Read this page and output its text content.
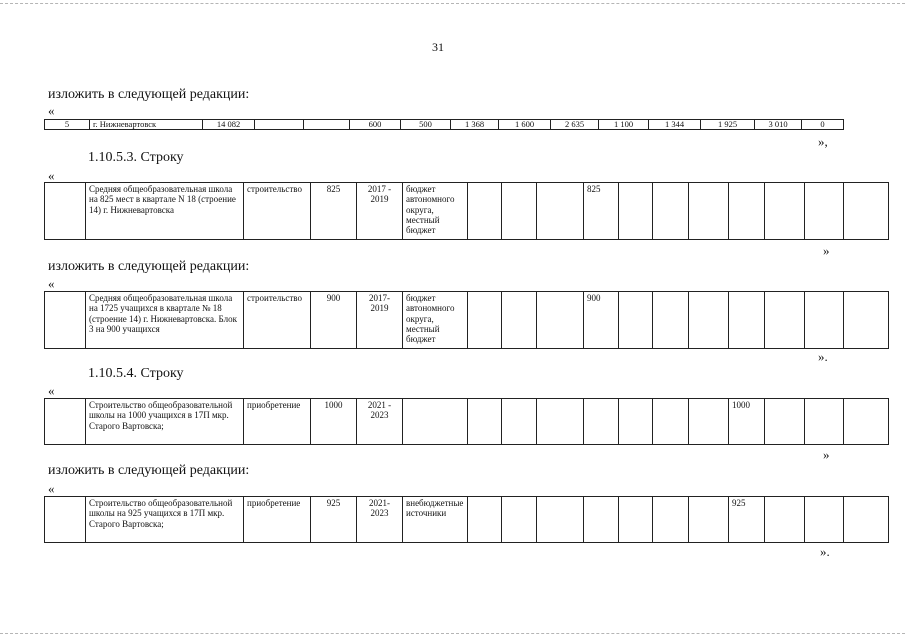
31
изложить в следующей редакции:
«
5	г. Нижневартовск	14 082			600	500	1 368	1 600	2 635	1 100	1 344	1 925	3 010	0
»,
1.10.5.3. Строку
«
	Средняя общеобразовательная школа на 825 мест в квартале N 18 (строение 14) г. Нижневартовска	строительство	825	2017 - 2019	бюджет автономного округа, местный бюджет				825							
»
изложить в следующей редакции:
«
	Средняя общеобразовательная школа на 1725 учащихся в квартале № 18 (строение 14) г. Нижневартовска. Блок 3 на 900 учащихся	строительство	900	2017- 2019	бюджет автономного округа, местный бюджет				900							
».
1.10.5.4. Строку
«
	Строительство общеобразовательной школы на 1000 учащихся в 17П мкр. Старого Вартовска;	приобретение	1000	2021 - 2023									1000			
»
изложить в следующей редакции:
«
	Строительство общеобразовательной школы на 925 учащихся в 17П мкр. Старого Вартовска;	приобретение	925	2021- 2023	внебюджетные источники								925			
».
